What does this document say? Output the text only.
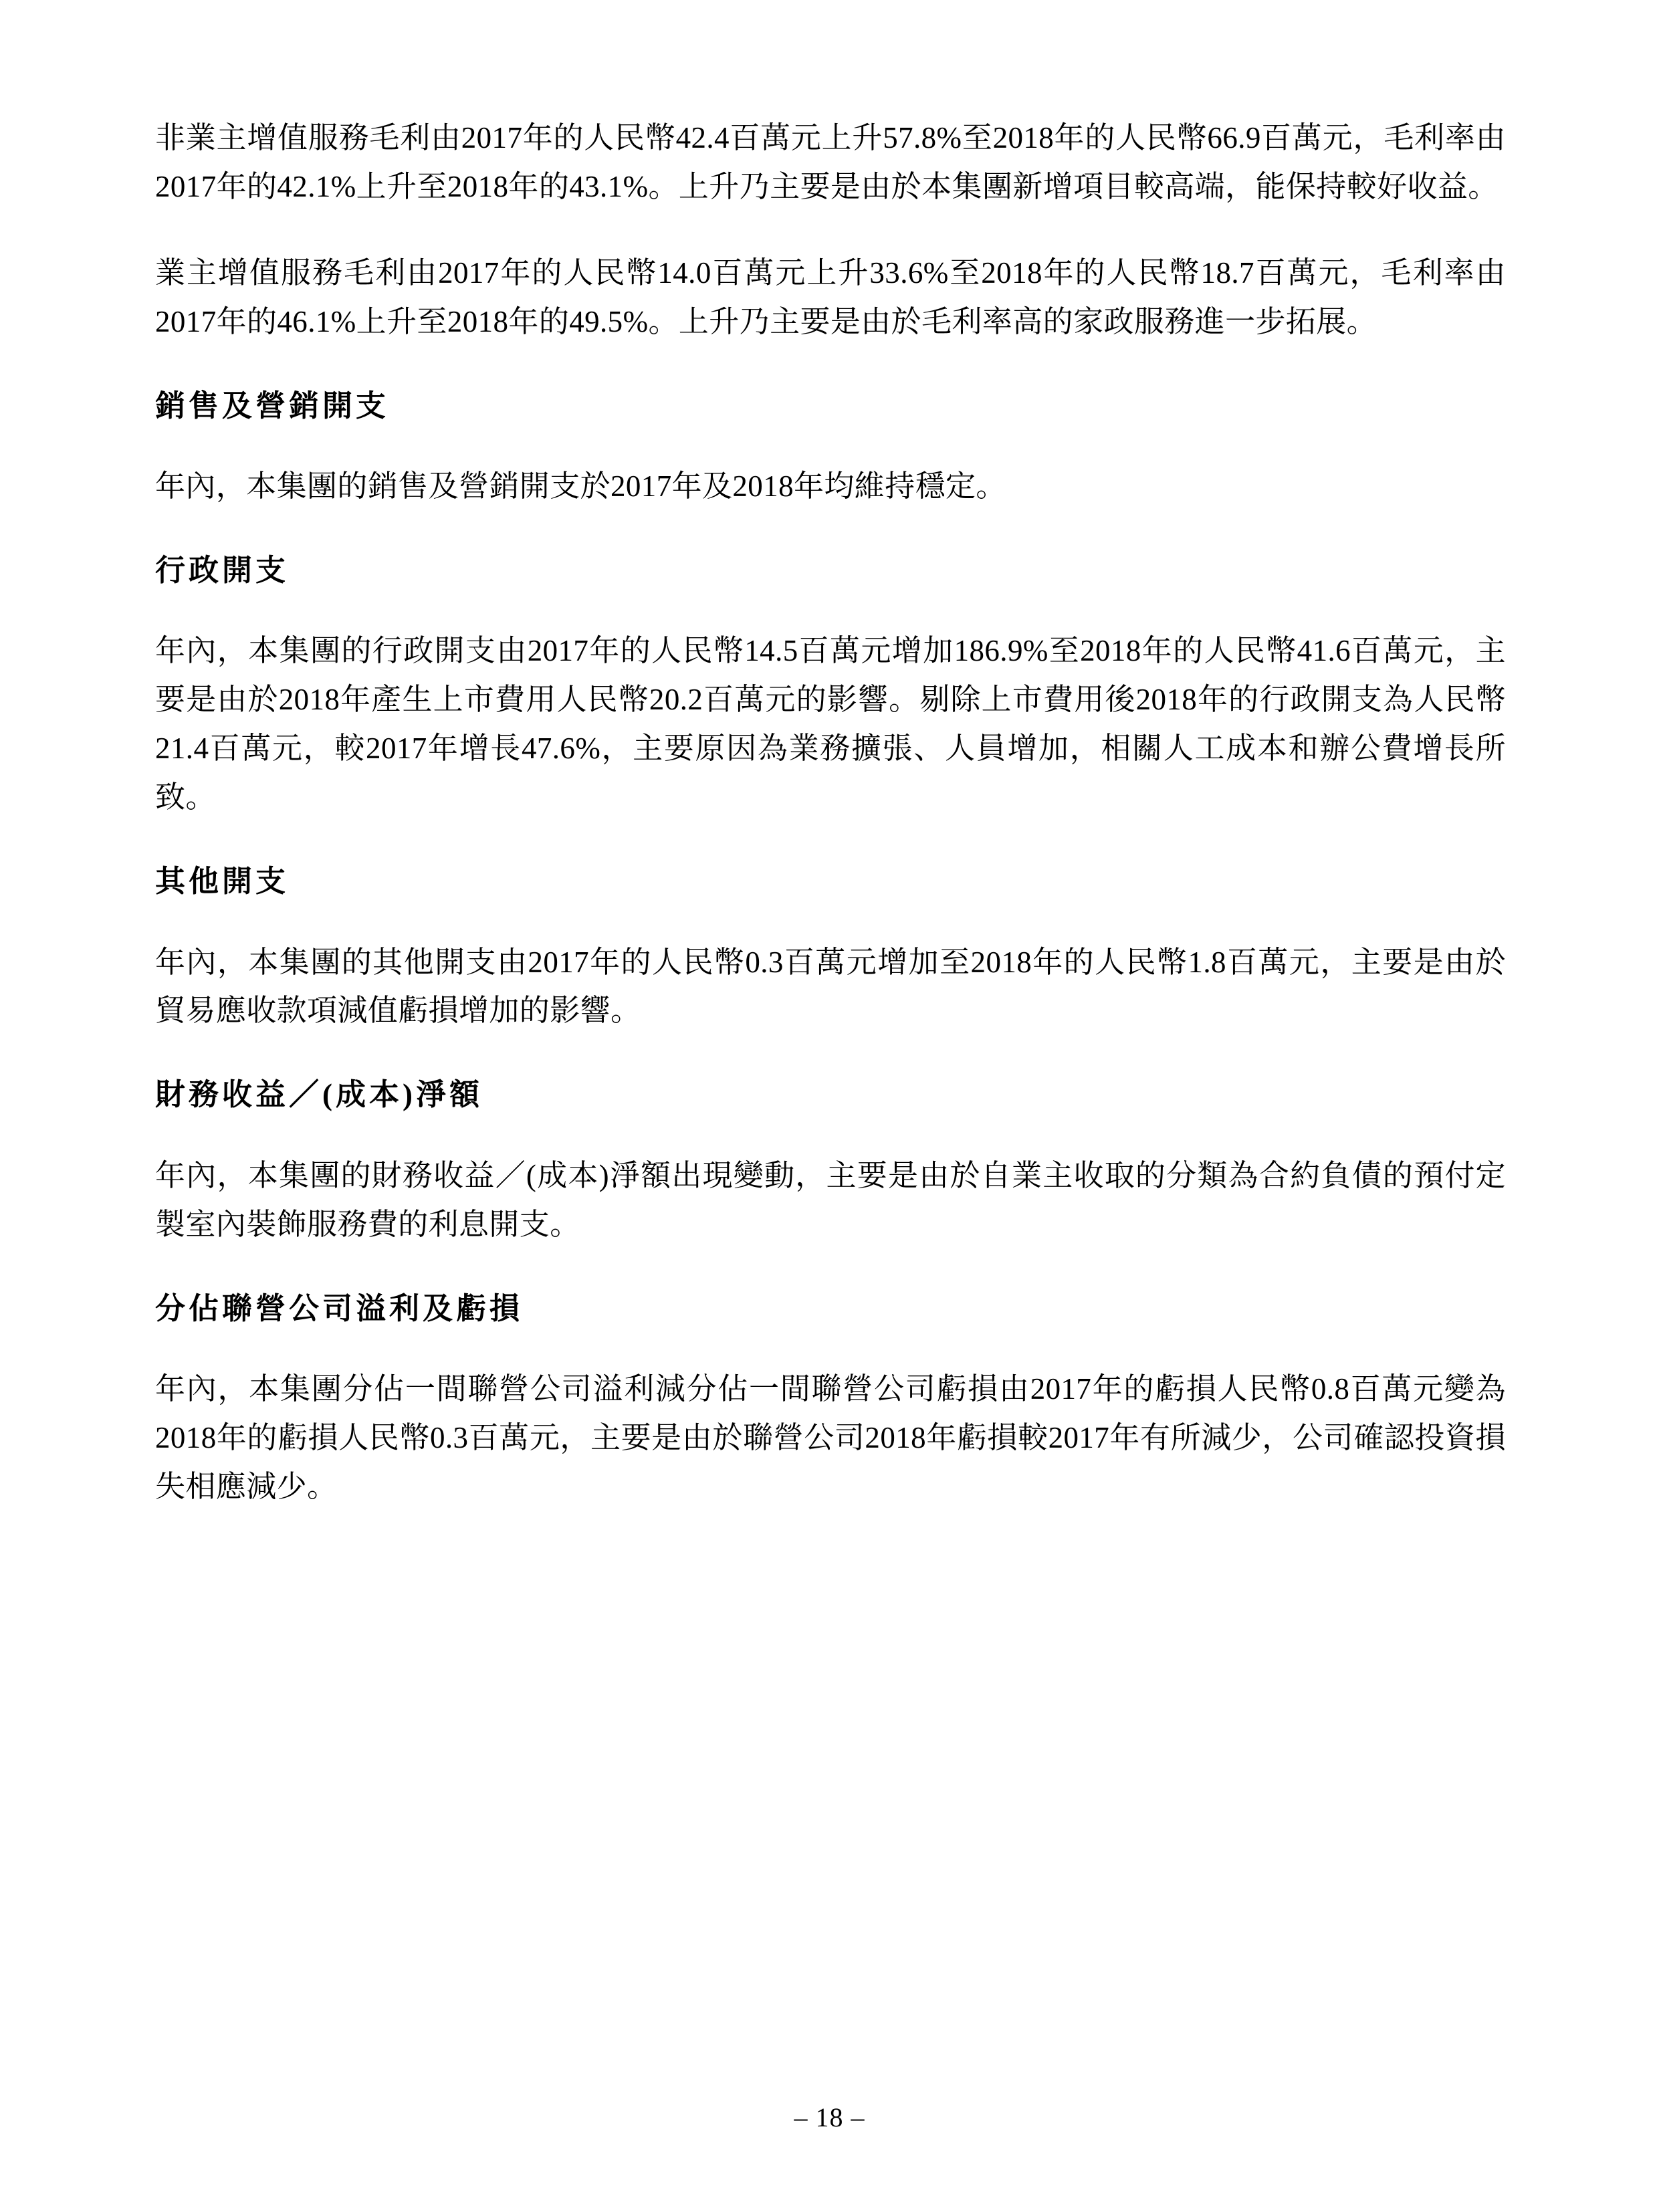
非業主增值服務毛利由2017年的人民幣42.4百萬元上升57.8%至2018年的人民幣66.9百萬元，毛利率由2017年的42.1%上升至2018年的43.1%。上升乃主要是由於本集團新增項目較高端，能保持較好收益。

業主增值服務毛利由2017年的人民幣14.0百萬元上升33.6%至2018年的人民幣18.7百萬元，毛利率由2017年的46.1%上升至2018年的49.5%。上升乃主要是由於毛利率高的家政服務進一步拓展。

銷售及營銷開支

年內，本集團的銷售及營銷開支於2017年及2018年均維持穩定。

行政開支

年內，本集團的行政開支由2017年的人民幣14.5百萬元增加186.9%至2018年的人民幣41.6百萬元，主要是由於2018年產生上市費用人民幣20.2百萬元的影響。剔除上市費用後2018年的行政開支為人民幣21.4百萬元，較2017年增長47.6%，主要原因為業務擴張、人員增加，相關人工成本和辦公費增長所致。

其他開支

年內，本集團的其他開支由2017年的人民幣0.3百萬元增加至2018年的人民幣1.8百萬元，主要是由於貿易應收款項減值虧損增加的影響。

財務收益／(成本)淨額

年內，本集團的財務收益／(成本)淨額出現變動，主要是由於自業主收取的分類為合約負債的預付定製室內裝飾服務費的利息開支。

分佔聯營公司溢利及虧損

年內，本集團分佔一間聯營公司溢利減分佔一間聯營公司虧損由2017年的虧損人民幣0.8百萬元變為2018年的虧損人民幣0.3百萬元，主要是由於聯營公司2018年虧損較2017年有所減少，公司確認投資損失相應減少。

– 18 –
